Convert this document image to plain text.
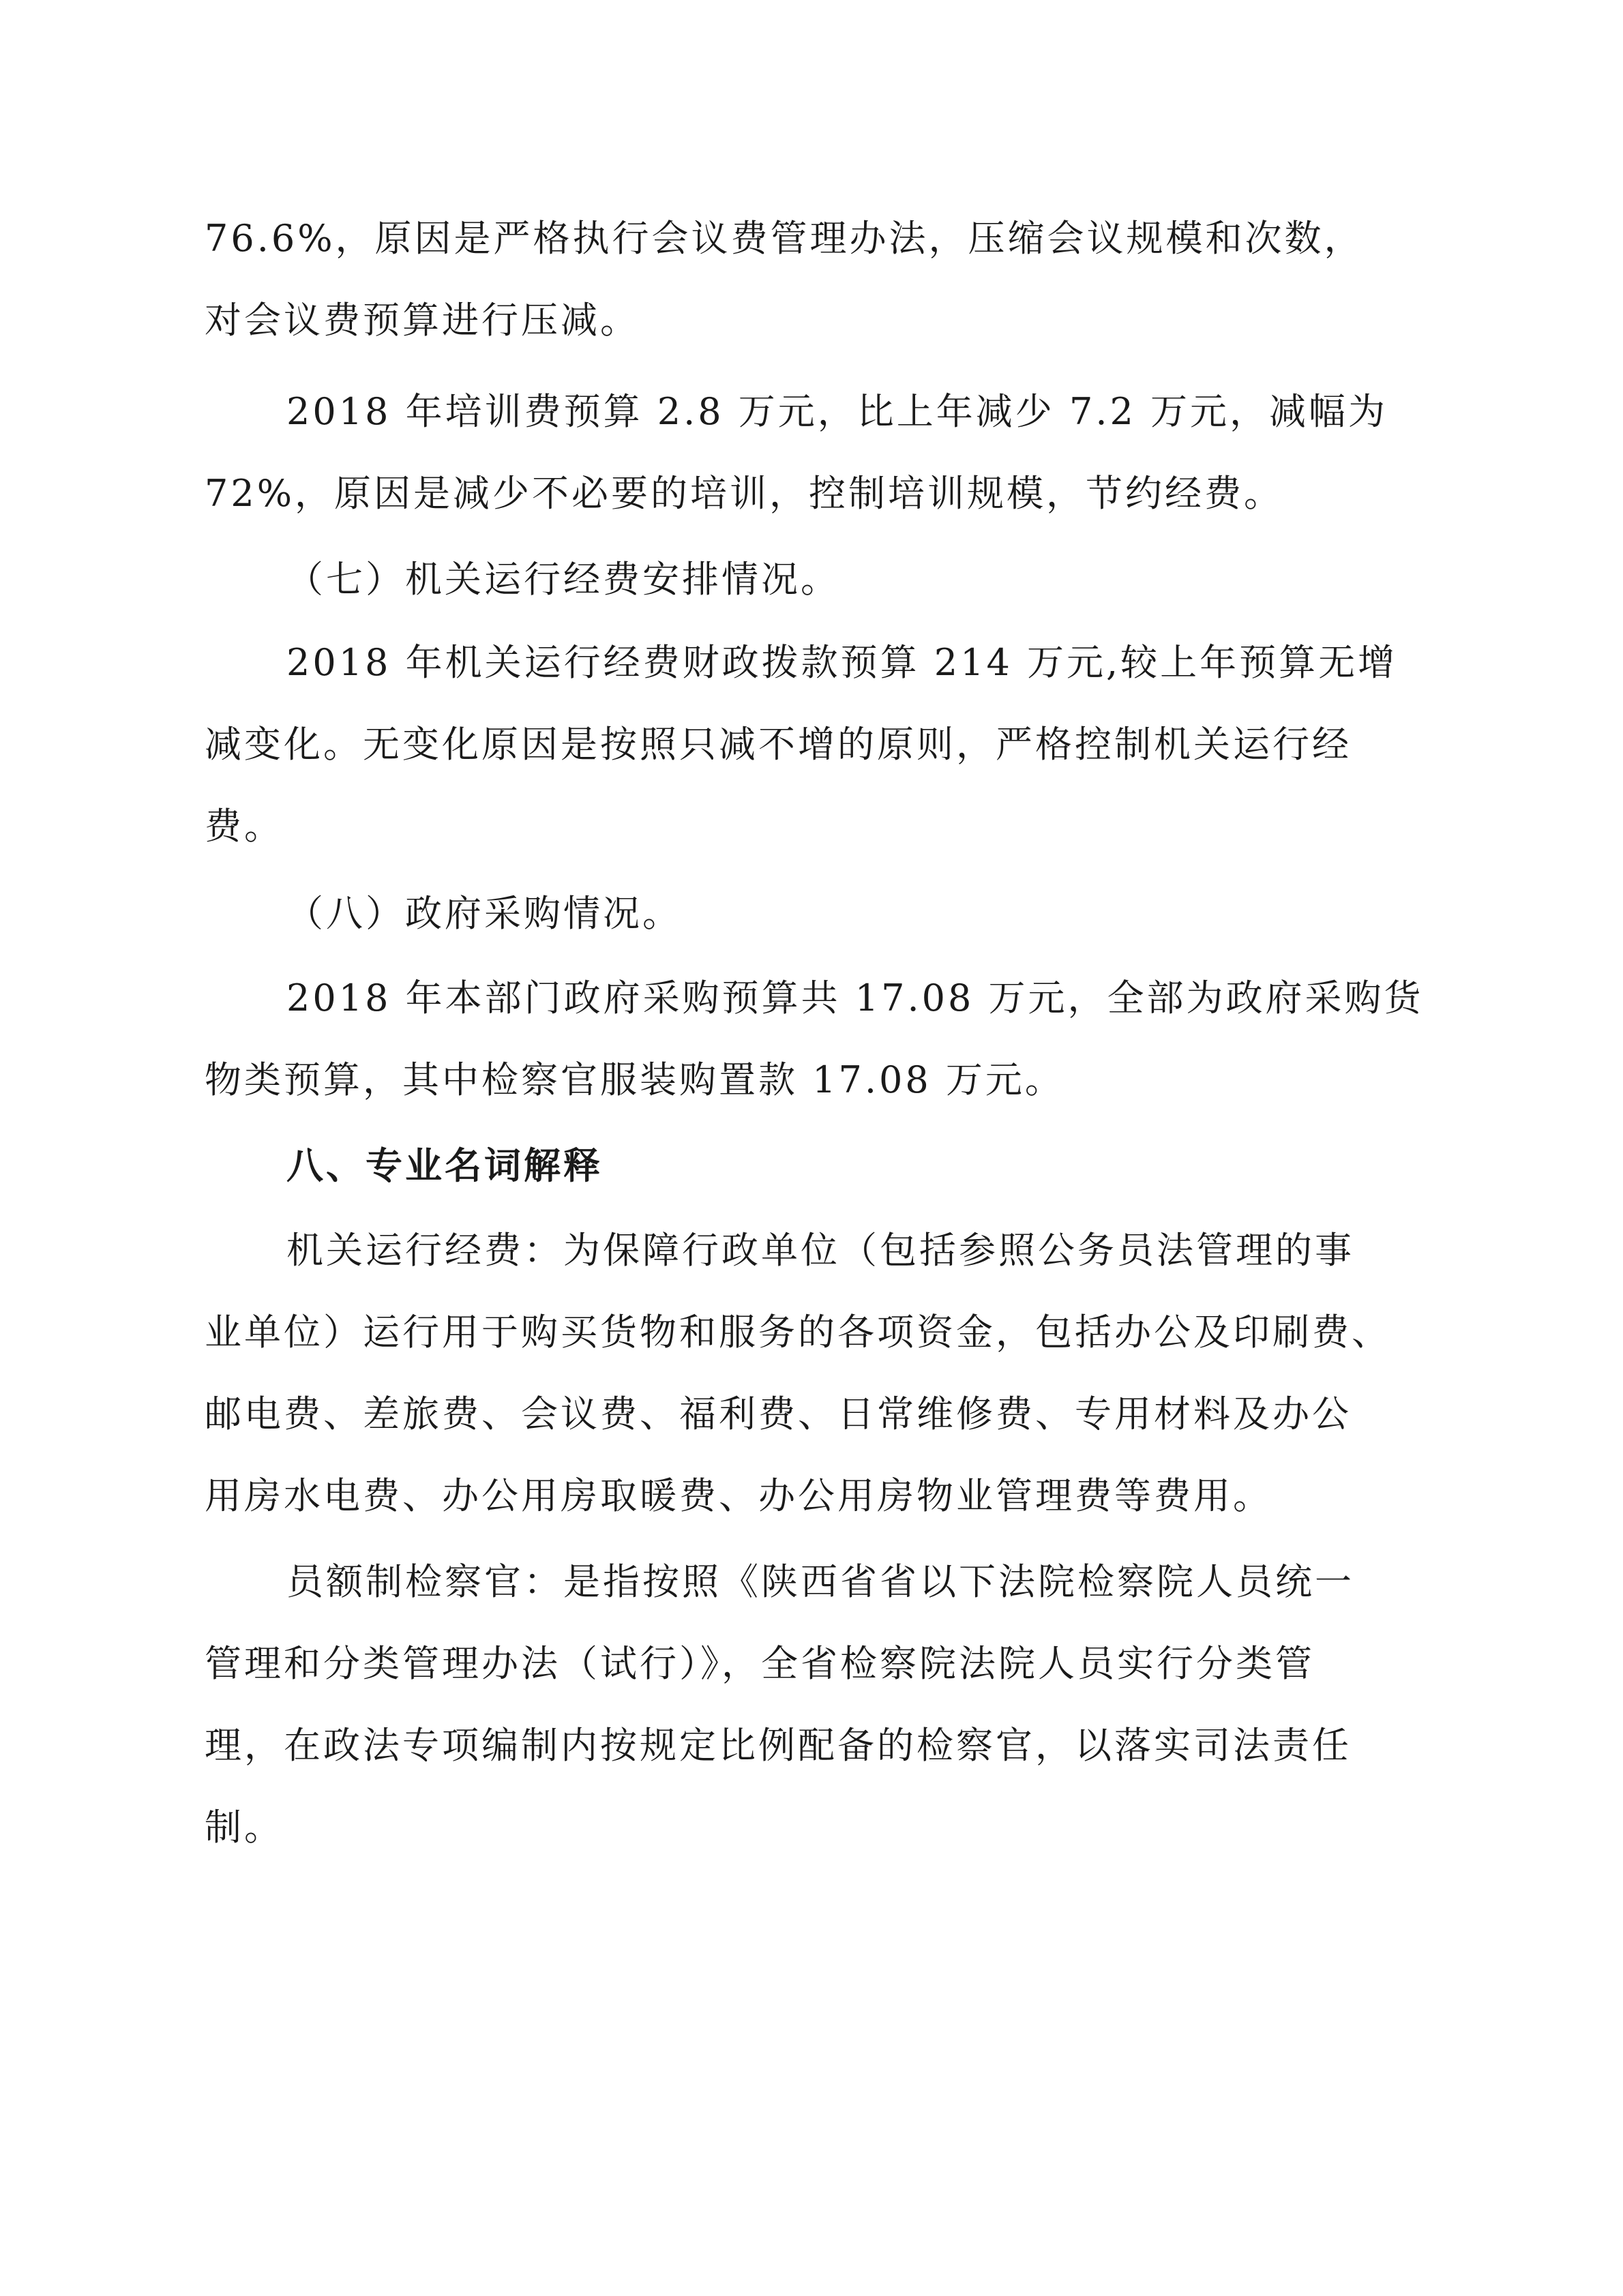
76.6%，原因是严格执行会议费管理办法，压缩会议规模和次数，
对会议费预算进行压减。
2018 年培训费预算 2.8 万元，比上年减少 7.2 万元，减幅为
72%，原因是减少不必要的培训，控制培训规模，节约经费。
（七）机关运行经费安排情况。
2018 年机关运行经费财政拨款预算 214 万元,较上年预算无增
减变化。无变化原因是按照只减不增的原则，严格控制机关运行经
费。
（八）政府采购情况。
2018 年本部门政府采购预算共 17.08 万元，全部为政府采购货
物类预算，其中检察官服装购置款 17.08 万元。
八、专业名词解释
机关运行经费：为保障行政单位（包括参照公务员法管理的事
业单位）运行用于购买货物和服务的各项资金，包括办公及印刷费、
邮电费、差旅费、会议费、福利费、日常维修费、专用材料及办公
用房水电费、办公用房取暖费、办公用房物业管理费等费用。
员额制检察官：是指按照《陕西省省以下法院检察院人员统一
管理和分类管理办法（试行）》，全省检察院法院人员实行分类管
理，在政法专项编制内按规定比例配备的检察官，以落实司法责任
制。
